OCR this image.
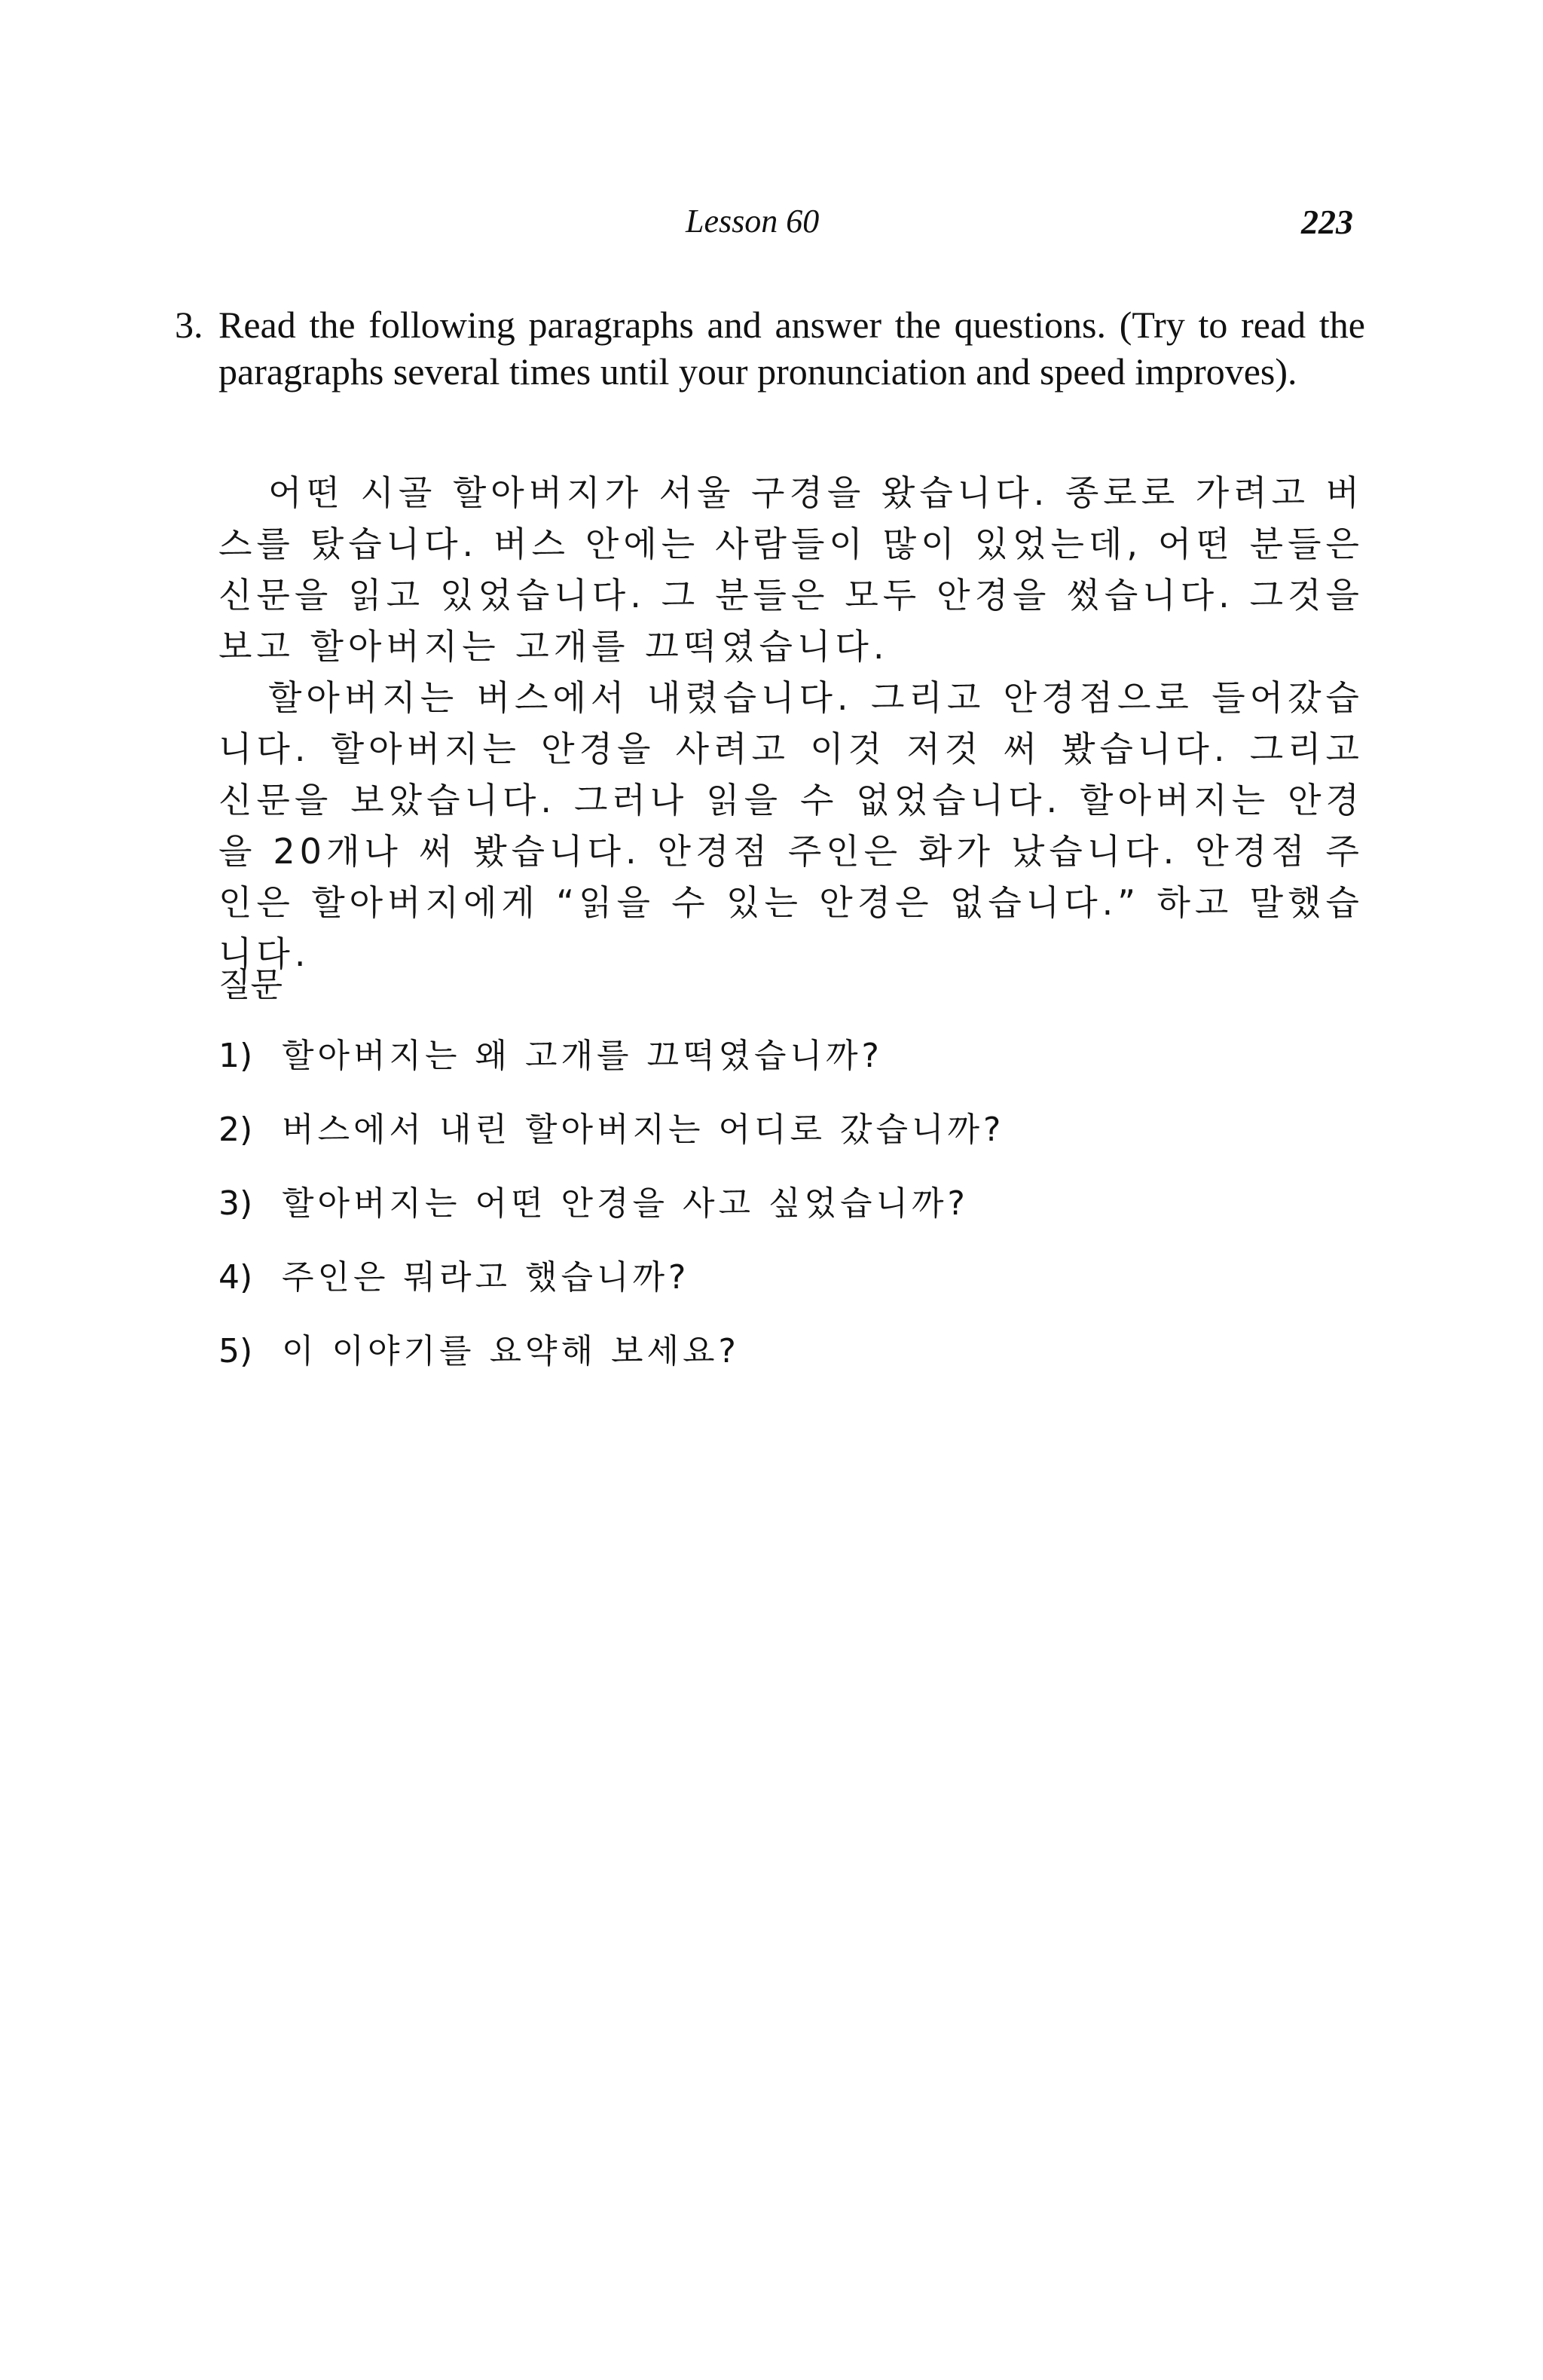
Lesson 60	223
3. Read the following paragraphs and answer the questions. (Try to read the paragraphs several times until your pronunciation and speed improves).

어떤 시골 할아버지가 서울 구경을 왔습니다. 종로로 가려고 버스를 탔습니다. 버스 안에는 사람들이 많이 있었는데, 어떤 분들은 신문을 읽고 있었습니다. 그 분들은 모두 안경을 썼습니다. 그것을 보고 할아버지는 고개를 끄떡였습니다.

할아버지는 버스에서 내렸습니다. 그리고 안경점으로 들어갔습니다. 할아버지는 안경을 사려고 이것 저것 써 봤습니다. 그리고 신문을 보았습니다. 그러나 읽을 수 없었습니다. 할아버지는 안경을 20개나 써 봤습니다. 안경점 주인은 화가 났습니다. 안경점 주인은 할아버지에게 “읽을 수 있는 안경은 없습니다.” 하고 말했습니다.

질문
1) 할아버지는 왜 고개를 끄떡였습니까?
2) 버스에서 내린 할아버지는 어디로 갔습니까?
3) 할아버지는 어떤 안경을 사고 싶었습니까?
4) 주인은 뭐라고 했습니까?
5) 이 이야기를 요약해 보세요?
